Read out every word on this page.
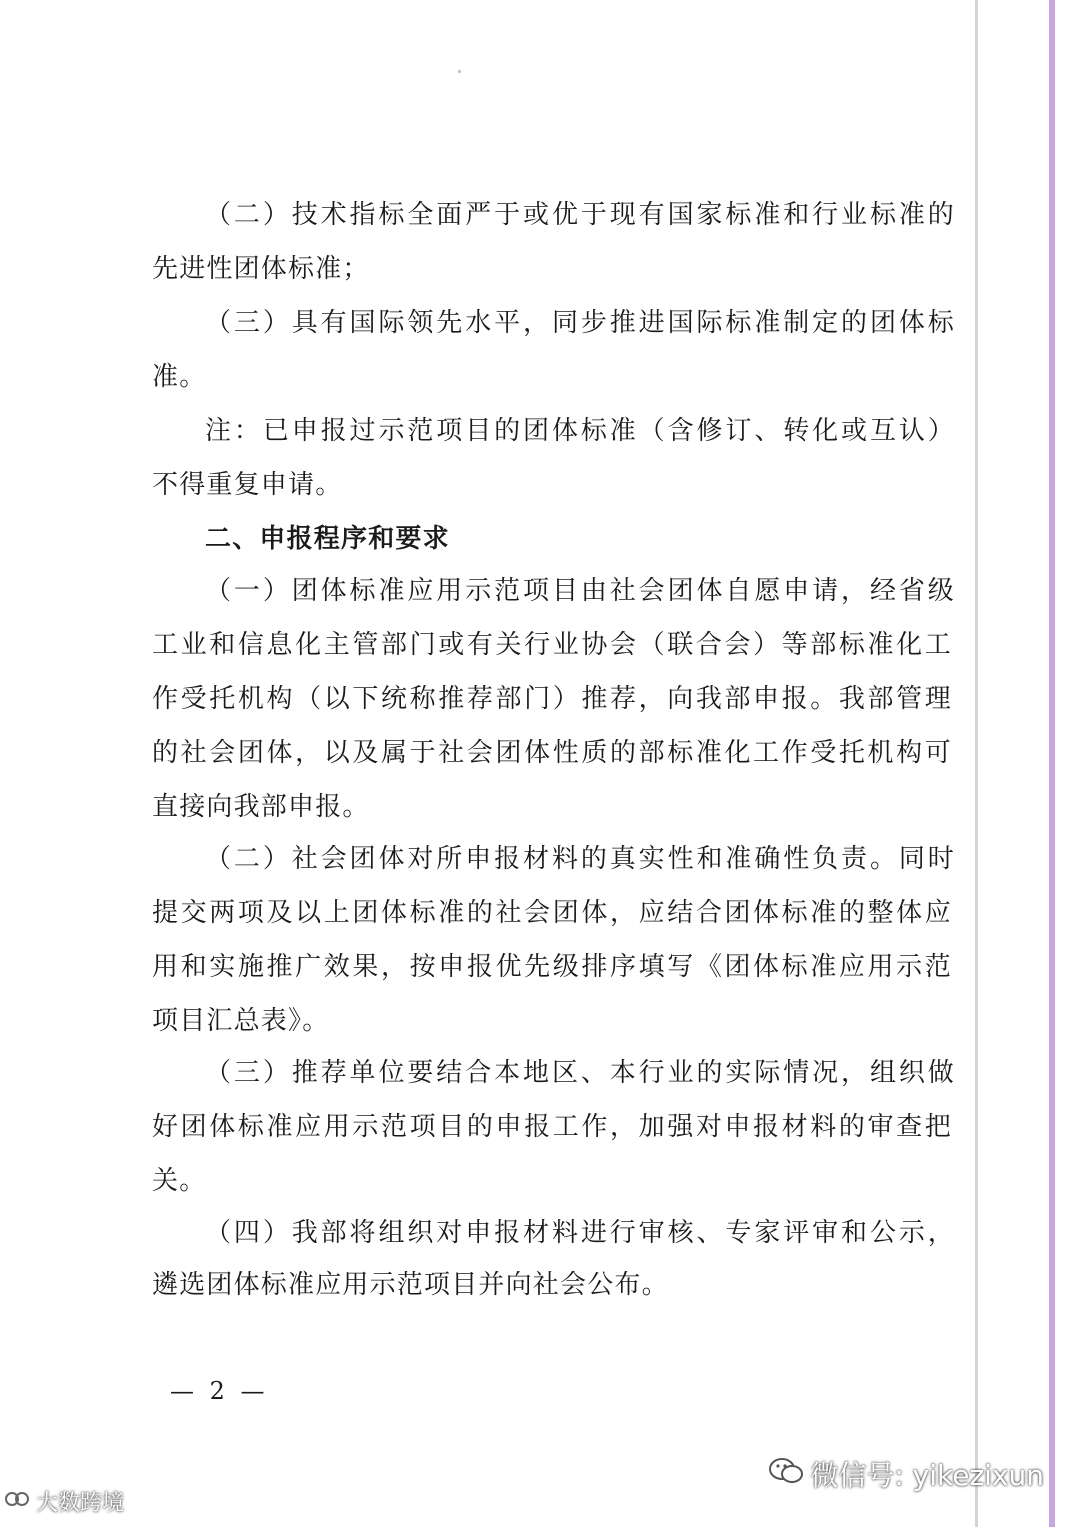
（二）技术指标全面严于或优于现有国家标准和行业标准的
先进性团体标准；
（三）具有国际领先水平，同步推进国际标准制定的团体标
准。
注：已申报过示范项目的团体标准（含修订、转化或互认）
不得重复申请。
二、申报程序和要求
（一）团体标准应用示范项目由社会团体自愿申请，经省级
工业和信息化主管部门或有关行业协会（联合会）等部标准化工
作受托机构（以下统称推荐部门）推荐，向我部申报。我部管理
的社会团体，以及属于社会团体性质的部标准化工作受托机构可
直接向我部申报。
（二）社会团体对所申报材料的真实性和准确性负责。同时
提交两项及以上团体标准的社会团体，应结合团体标准的整体应
用和实施推广效果，按申报优先级排序填写《团体标准应用示范
项目汇总表》。
（三）推荐单位要结合本地区、本行业的实际情况，组织做
好团体标准应用示范项目的申报工作，加强对申报材料的审查把
关。
（四）我部将组织对申报材料进行审核、专家评审和公示，
遴选团体标准应用示范项目并向社会公布。
— 2 —
微信号: yikezixun
大数跨境
